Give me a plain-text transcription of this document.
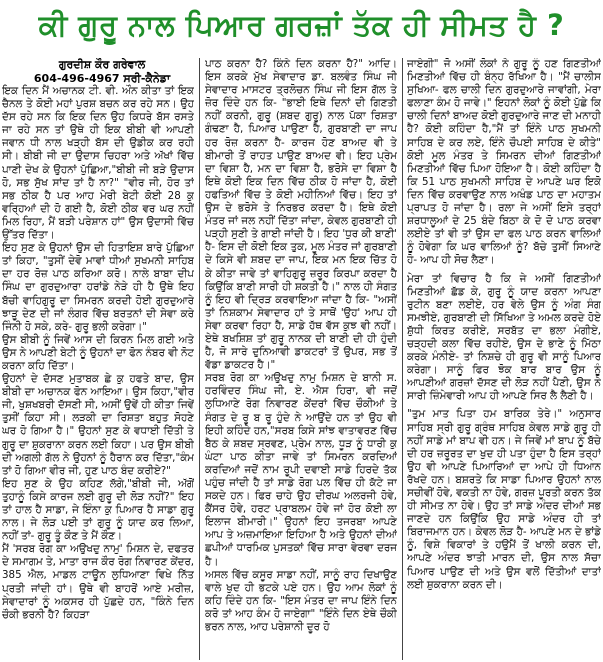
ਕੀ ਗੁਰੂ ਨਾਲ ਪਿਆਰ ਗਰਜ਼ਾਂ ਤੱਕ ਹੀ ਸੀਮਤ ਹੈ ?
ਗੁਰਦੀਸ਼ ਕੌਰ ਗਰੇਵਾਲ
604-496-4967 ਸਰੀ-ਕੈਨੇਡਾ

ਇਕ ਦਿਨ ਮੈਂ ਅਚਾਨਕ ਟੀ. ਵੀ. ਔਨ ਕੀਤਾ ਤਾਂ ਇਕ ਚੈਨਲ ਤੇ ਕੋਈ ਮਹਾਂ ਪੁਰਸ਼ ਬਚਨ ਕਰ ਰਹੇ ਸਨ। ਉਹ ਦੱਸ ਰਹੇ ਸਨ ਕਿ ਇਕ ਦਿਨ ਉਹ ਕਿਧਰੇ ਬੱਸ ਰਸਤੇ ਜਾ ਰਹੇ ਸਨ ਤਾਂ ਉਥੇ ਹੀ ਇਕ ਬੀਬੀ ਵੀ ਆਪਣੀ ਜਵਾਨ ਧੀ ਨਾਲ ਖੜ੍ਹੀ ਬੱਸ ਦੀ ਉਡੀਕ ਕਰ ਰਹੀ ਸੀ। ਬੀਬੀ ਜੀ ਦਾ ਉਦਾਸ ਚਿਹਰਾ ਅਤੇ ਅੱਖਾਂ ਵਿੱਚ ਪਾਣੀ ਦੇਖ ਕੇ ਉਹਨਾਂ ਪੁੱਛਿਆ,"ਬੀਬੀ ਜੀ ਬੜੇ ਉਦਾਸ ਹੋ, ਸਭ ਸੁੱਖ ਸਾਂਦ ਤਾਂ ਹੈ ਨਾ?" "ਵੀਰ ਜੀ, ਹੋਰ ਤਾਂ ਸਭ ਠੀਕ ਹੈ ਪਰ ਆਹ ਮੇਰੀ ਬੇਟੀ ਕੋਈ 28 ਕੁ ਵਰ੍ਹਿਆਂ ਦੀ ਹੋ ਗਈ ਹੈ, ਕੋਈ ਠੀਕ ਵਰ ਘਰ ਨਹੀਂ ਮਿਲ ਰਿਹਾ, ਮੈਂ ਬੜੀ ਪਰੇਸ਼ਾਨ ਹਾਂ" ਉਸ ਉਦਾਸੀ ਵਿੱਚ ਉੱਤਰ ਦਿੱਤਾ।

ਇਹ ਸੁਣ ਕੇ ਉਹਨਾਂ ਉਸ ਦੀ ਹਿਤਾਇਸ਼ ਬਾਰੇ ਪੁੱਛਿਆ ਤਾਂ ਕਿਹਾ, "ਤੁਸੀਂ ਦੇਵੋ ਮਾਵਾਂ ਧੀਆਂ ਸੁਖਮਨੀ ਸਾਹਿਬ ਦਾ ਹਰ ਰੋਜ਼ ਪਾਠ ਕਰਿਆ ਕਰੋ। ਨਾਲੇ ਬਾਬਾ ਦੀਪ ਸਿੰਘ ਦਾ ਗੁਰਦੁਆਰਾ ਹਰਾਂਡੇ ਨੇੜੇ ਹੀ ਹੈ ਉਥੇ ਇਹ ਬੱਚੀ ਵਾਹਿਗੁਰੂ ਦਾ ਸਿਮਰਨ ਕਰਦੀ ਹੋਈ ਗੁਰਦੁਆਰੇ ਝਾੜੂ ਦੇਣ ਦੀ ਜਾਂ ਲੰਗਰ ਵਿੱਚ ਬਰਤਨਾਂ ਦੀ ਸੇਵਾ ਕਰੇ ਜਿੰਨੀ ਹੋ ਸਕੇ, ਕਰੇ- ਗੁਰੂ ਭਲੀ ਕਰੇਗਾ।"

ਉਸ ਬੀਬੀ ਨੂੰ ਜਿਵੇਂ ਆਸ ਦੀ ਕਿਰਨ ਮਿਲ ਗਈ ਅਤੇ ਉਸ ਨੇ ਆਪਣੀ ਬੇਟੀ ਨੂੰ ਉਹਨਾਂ ਦਾ ਫੋਨ ਨੰਬਰ ਵੀ ਨੋਟ ਕਰਨਾ ਕਹਿ ਦਿੱਤਾ।

ਉਹਨਾਂ ਦੇ ਦੱਸਣ ਮੁਤਾਬਕ ਛੇ ਕੁ ਹਫਤੇ ਬਾਦ, ਉਸ ਬੀਬੀ ਦਾ ਅਚਾਨਕ ਫੋਨ ਆਇਆ। ਉਸ ਕਿਹਾ,"ਵੀਰ ਜੀ, ਖੁਸ਼ਖਬਰੀ ਦੱਸਣੀ ਸੀ, ਅਸੀਂ ਉਵੇਂ ਹੀ ਕੀਤਾ ਜਿਵੇਂ ਤੁਸੀਂ ਕਿਹਾ ਸੀ। ਲੜਕੀ ਦਾ ਰਿਸ਼ਤਾ ਬਹੁਤ ਸੋਹਣੇ ਘਰ ਹੋ ਗਿਆ ਹੈ।" ਉਹਨਾਂ ਸੁਣ ਕੇ ਵਧਾਈ ਦਿੱਤੀ ਤੇ ਗੁਰੂ ਦਾ ਸ਼ੁਕਰਾਨਾ ਕਰਨ ਲਈ ਕਿਹਾ। ਪਰ ਉਸ ਬੀਬੀ ਦੀ ਅਗਲੀ ਗੱਲ ਨੇ ਉਹਨਾਂ ਨੂੰ ਹੈਰਾਨ ਕਰ ਦਿੱਤਾ,"ਕੰਮ ਤਾਂ ਹੋ ਗਿਆ ਵੀਰ ਜੀ, ਹੁਣ ਪਾਠ ਬੰਦ ਕਰੀਏ?"

ਇਹ ਸੁਣ ਕੇ ਉਹ ਕਹਿਣ ਲੱਗੇ,"ਬੀਬੀ ਜੀ, ਅੱਗੋਂ ਤੁਹਾਨੂੰ ਕਿਸੇ ਕਾਰਜ ਲਈ ਗੁਰੂ ਦੀ ਲੋੜ ਨਹੀਂ?" ਇਹ ਤਾਂ ਹਾਲ ਹੈ ਸਾਡਾ, ਜੇ ਇੰਨਾ ਕੁ ਪਿਆਰ ਹੈ ਸਾਡਾ ਗੁਰੂ ਨਾਲ। ਜੇ ਲੋੜ ਪਈ ਤਾਂ ਗੁਰੂ ਨੂੰ ਯਾਦ ਕਰ ਲਿਆ, ਨਹੀਂ ਤਾਂ- ਗੁਰੂ ਤੂੰ ਕੌਣ ਤੇ ਮੈਂ ਕੌਣ।

ਮੈਂ 'ਸਰਬ ਰੋਗ ਕਾ ਅਉਖਦੁ ਨਾਮੁ' ਮਿਸ਼ਨ ਦੇ, ਦਫਤਰ ਦੇ ਸਮਾਗਮ ਤੇ, ਮਾਤਾ ਰਾਜ ਕੌਰ ਰੋਗ ਨਿਵਾਰਣ ਕੇਂਦਰ, 385 ਐਲ, ਮਾਡਲ ਟਾਊਨ ਲੁਧਿਆਣਾ ਵਿਖੇ ਨਿੱਤ ਪ੍ਰਤੀ ਜਾਂਦੀ ਹਾਂ। ਉਥੇ ਵੀ ਬਾਹਰੋਂ ਆਏ ਮਰੀਜ਼, ਸੇਵਾਦਾਰਾਂ ਨੂੰ ਅਕਸਰ ਹੀ ਪੁੱਛਦੇ ਹਨ, "ਕਿੰਨੇ ਦਿਨ ਚੌਕੀ ਭਰਨੀ ਹੈ? ਕਿਹੜਾ

ਪਾਠ ਕਰਨਾ ਹੈ? ਕਿੰਨੇ ਦਿਨ ਕਰਨਾ ਹੈ?" ਆਦਿ। ਇਸ ਕਰਕੇ ਮੁੱਖ ਸੇਵਾਦਾਰ ਡਾ. ਬਲਵੰਤ ਸਿੰਘ ਜੀ ਸੇਵਾਦਾਰ ਮਾਸਟਰ ਤ੍ਰਲੋਚਨ ਸਿੰਘ ਜੀ ਇਸ ਗੱਲ ਤੇ ਜ਼ੋਰ ਦਿੰਦੇ ਹਨ ਕਿ- "ਭਾਈ ਇਥੇ ਦਿਨਾਂ ਦੀ ਗਿਣਤੀ ਨਹੀਂ ਕਰਨੀ, ਗੁਰੂ (ਸ਼ਬਦ ਗੁਰੂ) ਨਾਲ ਪੱਕਾ ਰਿਸ਼ਤਾ ਗੰਢਣਾ ਹੈ, ਪਿਆਰ ਪਾਉਣਾ ਹੈ, ਗੁਰਬਾਣੀ ਦਾ ਜਾਪ ਹਰ ਰੋਜ਼ ਕਰਨਾ ਹੈ- ਕਾਰਜ ਹੋਣ ਬਾਅਦ ਵੀ ਤੇ ਬੀਮਾਰੀ ਤੋਂ ਰਾਹਤ ਪਾਉਣ ਬਾਅਦ ਵੀ। ਇਹ ਪ੍ਰੇਮ ਦਾ ਵਿਸ਼ਾ ਹੈ, ਮਨ ਦਾ ਵਿਸ਼ਾ ਹੈ, ਭਰੋਸੇ ਦਾ ਵਿਸ਼ਾ ਹੈ ਇਥੇ ਕੋਈ ਇਕ ਦਿਨ ਵਿੱਚ ਠੀਕ ਹੋ ਜਾਂਦਾ ਹੈ, ਕੋਈ ਹਫਤਿਆਂ ਵਿੱਚ ਤੇ ਕੋਈ ਮਹੀਨਿਆਂ ਵਿੱਚ। ਇਹ ਤਾਂ ਉਸ ਦੇ ਭਰੋਸੇ ਤੇ ਨਿਰਭਰ ਕਰਦਾ ਹੈ। ਇਥੇ ਕੋਈ ਮੰਤਰ ਜਾਂ ਜਲ ਨਹੀਂ ਦਿੱਤਾ ਜਾਂਦਾ, ਕੇਵਲ ਗੁਰਬਾਣੀ ਹੀ ਪੜ੍ਹੀ ਸੁਣੀ ਤੇ ਗਾਈ ਜਾਂਦੀ ਹੈ। ਇਹ 'ਧੁਰ ਕੀ ਬਾਣੀ' ਹੈ- ਇਸ ਦੀ ਕੋਈ ਇਕ ਤੁਕ, ਮੂਲ ਮੰਤਰ ਜਾਂ ਗੁਰਬਾਣੀ ਦੇ ਕਿਸੇ ਵੀ ਸ਼ਬਦ ਦਾ ਜਾਪ, ਇਕ ਮਨ ਇਕ ਚਿੱਤ ਹੋ ਕੇ ਕੀਤਾ ਜਾਵੇ ਤਾਂ ਵਾਹਿਗੁਰੂ ਜ਼ਰੂਰ ਕਿਰਪਾ ਕਰਦਾ ਹੈ ਕਿਉਂਕਿ ਬਾਣੀ ਸਾਰੀ ਹੀ ਸ਼ਕਤੀ ਹੈ।" ਨਾਲ ਹੀ ਸੰਗਤ ਨੂੰ ਇਹ ਵੀ ਦ੍ਰਿੜ ਕਰਵਾਇਆ ਜਾਂਦਾ ਹੈ ਕਿ- "ਅਸੀਂ ਤਾਂ ਨਿਸ਼ਕਾਮ ਸੇਵਾਦਾਰ ਹਾਂ ਤੇ ਸਾਥੋਂ 'ਉਹ' ਆਪ ਹੀ ਸੇਵਾ ਕਰਵਾ ਰਿਹਾ ਹੈ, ਸਾਡੇ ਹੱਥ ਵੱਸ ਕੁਝ ਵੀ ਨਹੀਂ। ਏਥੇ ਬਖਸ਼ਿਸ਼ ਤਾਂ ਗੁਰੂ ਨਾਨਕ ਦੀ ਬਾਣੀ ਦੀ ਹੀ ਹੁੰਦੀ ਹੈ, ਜੋ ਸਾਰੇ ਦੁਨਿਆਵੀ ਡਾਕਟਰਾਂ ਤੋਂ ਉਪਰ, ਸਭ ਤੋਂ ਵੱਡਾ ਡਾਕਟਰ ਹੈ।"

ਸਰਬ ਰੋਗ ਕਾ ਅਉਖਦੁ ਨਾਮੁ ਮਿਸ਼ਨ ਦੇ ਬਾਨੀ ਸ. ਹਰਵਿੰਦਰ ਸਿੰਘ ਜੀ, ਏ. ਐਸ ਹਿਰਾ, ਵੀ ਜਦੋਂ ਲੁਧਿਆਣੇ ਰੋਗ ਨਿਵਾਰਣ ਕੇਂਦਰਾਂ ਵਿੱਚ ਚੌਕੀਆਂ ਤੇ ਸੰਗਤ ਦੇ ਰੂ ਬ ਰੂ ਹੁੰਦੇ ਨੇ ਆਉਂਦੇ ਹਨ ਤਾਂ ਉਹ ਵੀ ਇਹੀ ਕਹਿੰਦੇ ਹਨ,"ਸਰਬ ਕਿਸੇ ਸਾਂਝ ਵਾਤਾਵਰਣ ਵਿੱਚ ਬੈਠ ਕੇ ਸ਼ਬਦ ਸ੍ਰਵਣ, ਪ੍ਰੇਮ ਨਾਲ, ਧੂੜ ਨੂੰ ਧਾਰੀ ਕੁ ਘੰਟਾ ਪਾਠ ਕੀਤਾ ਜਾਵੇ ਤਾਂ ਸਿਮਰਨ ਕਰਦਿਆਂ ਕਰਦਿਆਂ ਜਦੋਂ ਨਾਮ ਰੂਪੀ ਦਵਾਈ ਸਾਡੇ ਹਿਰਦੇ ਤੱਕ ਪਹੁੰਚ ਜਾਂਦੀ ਹੈ ਤਾਂ ਸਾਡੇ ਰੋਗ ਪਲ ਵਿੱਚ ਹੀ ਕੱਟੇ ਜਾ ਸਕਦੇ ਹਨ। ਫਿਰ ਚਾਹੇ ਉਹ ਦੀਰਘ ਅਲਰਜੀ ਹੋਵੇ, ਕੈਂਸਰ ਹੋਵੇ, ਹਰਟ ਪ੍ਰਾਬਲਮ ਹੋਵੇ ਜਾਂ ਹੋਰ ਕੋਈ ਲਾ ਇਲਾਜ ਬੀਮਾਰੀ।" ਉਹਨਾਂ ਇਹ ਤਜਰਬਾ ਆਪਣੇ ਆਪ ਤੇ ਅਜ਼ਮਾਇਆ ਇਹਿਆ ਹੈ ਅਤੇ ਉਹਨਾਂ ਦੀਆਂ ਛਪੀਆਂ ਧਾਰਮਿਕ ਪੁਸਤਕਾਂ ਵਿੱਚ ਸਾਰਾ ਵੇਰਵਾ ਦਰਜ ਹੈ।

ਅਸਲ ਵਿੱਚ ਕਸੂਰ ਸਾਡਾ ਨਹੀਂ, ਸਾਨੂੰ ਰਾਹ ਦਿਖਾਉਣ ਵਾਲੇ ਖੁਦ ਹੀ ਭਟਕੇ ਪਏ ਹਨ। ਉਹ ਆਮ ਲੋਕਾਂ ਨੂੰ ਕਹਿ ਦਿੰਦੇ ਹਨ ਕਿ- "ਇਸ ਮੰਤਰ ਦਾ ਜਾਪ ਇੰਨੇ ਦਿਨ ਕਰੋ ਤਾਂ ਆਹ ਕੰਮ ਹੋ ਜਾਏਗਾ" "ਇੰਨੇ ਦਿਨ ਏਥੇ ਚੌਕੀ ਭਰਨ ਨਾਲ, ਆਹ ਪਰੇਸ਼ਾਨੀ ਦੂਰ ਹੋ

ਜਾਏਗੀ" ਜੋ ਅਸੀਂ ਲੋਕਾਂ ਨੇ ਗੁਰੂ ਨੂੰ ਹਣ ਗਿਣਤੀਆਂ ਮਿਣਤੀਆਂ ਵਿੱਚ ਹੀ ਬੰਨ੍ਹ ਰੱਖਿਆ ਹੈ। "ਮੈਂ ਚਾਲੀਸ ਸੁਖਿਆ- ਫਲ ਚਾਲੀ ਦਿਨ ਗੁਰਦੁਆਰੇ ਜਾਵਾਂਗੀ, ਮੇਰਾ ਫਲਾਣਾ ਕੰਮ ਹੋ ਜਾਵੇ।" ਇਹਨਾਂ ਲੋਕਾਂ ਨੂੰ ਕੋਈ ਪੁੱਛੇ ਕਿ ਚਾਲੀ ਦਿਨਾਂ ਬਾਅਦ ਕੋਈ ਗੁਰਦੁਆਰੇ ਜਾਣ ਦੀ ਮਨਾਹੀ ਹੈ? ਕੋਈ ਕਹਿੰਦਾ ਹੈ,"ਮੈਂ ਤਾਂ ਇੰਨੇ ਪਾਠ ਸੁਖਮਨੀ ਸਾਹਿਬ ਦੇ ਕਰ ਲਏ, ਇੰਨੇ ਚੌਪਈ ਸਾਹਿਬ ਦੇ ਕੀਤੇ" ਕੋਈ ਮੂਲ ਮੰਤਰ ਤੇ ਸਿਮਰਨ ਦੀਆਂ ਗਿਣਤੀਆਂ ਮਿਣਤੀਆਂ ਵਿੱਚ ਪਿਆ ਹੋਇਆ ਹੈ। ਕੋਈ ਕਹਿੰਦਾ ਹੈ ਕਿ 51 ਪਾਠ ਸੁਖਮਨੀ ਸਾਹਿਬ ਦੇ ਆਪਣੇ ਘਰ ਇਕੋ ਦਿਨ ਵਿੱਚ ਕਰਵਾਉਣ ਨਾਲ ਅਖੰਡ ਪਾਠ ਦਾ ਮਹਾਤਮ ਪ੍ਰਾਪਤ ਹੋ ਜਾਂਦਾ ਹੈ। ਰਲਾ ਜੇ ਅਸੀਂ ਇਸੇ ਤਰ੍ਹਾਂ ਸ਼ਰਧਾਲੂਆਂ ਦੇ 25 ਬੰਦੇ ਬਿਠਾ ਕੇ ਦੋ ਦੋ ਪਾਠ ਕਰਵਾ ਲਈਏ ਤਾਂ ਵੀ ਤਾਂ ਉਸ ਦਾ ਫਲ ਪਾਠ ਕਰਨ ਵਾਲਿਆਂ ਨੂੰ ਹੋਵੇਗਾ ਕਿ ਘਰ ਵਾਲਿਆਂ ਨੂੰ? ਬੱਚੇ ਤੁਸੀਂ ਸਿਆਣੇ ਹੋ- ਆਪ ਹੀ ਸੋਚ ਲੈਣਾ।

ਮੇਰਾ ਤਾਂ ਵਿਚਾਰ ਹੈ ਕਿ ਜੇ ਅਸੀਂ ਗਿਣਤੀਆਂ ਮਿਣਤੀਆਂ ਛੱਡ ਕੇ, ਗੁਰੂ ਨੂੰ ਯਾਦ ਕਰਨਾ ਆਪਣਾ ਰੁਟੀਨ ਬਣਾ ਲਈਏ, ਹਰ ਵੇਲੇ ਉਸ ਨੂੰ ਅੰਗ ਸੰਗ ਸਮਝੀਏ, ਗੁਰਬਾਣੀ ਦੀ ਸਿੱਖਿਆ ਤੇ ਅਮਲ ਕਰਦੇ ਹੋਏ ਸ਼ੁੱਧੀ ਕਿਰਤ ਕਰੀਏ, ਸਰਬੱਤ ਦਾ ਭਲਾ ਮੰਗੀਏ, ਚੜ੍ਹਦੀ ਕਲਾ ਵਿੱਚ ਰਹੀਏ, ਉਸ ਦੇ ਭਾਣੇ ਨੂੰ ਮਿੱਠਾ ਕਰਕੇ ਮੰਨੀਏ- ਤਾਂ ਨਿਸ਼ਚੇ ਹੀ ਗੁਰੂ ਵੀ ਸਾਨੂੰ ਪਿਆਰ ਕਰੇਗਾ। ਸਾਨੂੰ ਫਿਰ ਝੋਕ ਬਾਰ ਬਾਰ ਉਸ ਨੂੰ ਆਪਣੀਆਂ ਗਰਜ਼ਾਂ ਦੱਸਣ ਦੀ ਲੋੜ ਨਹੀਂ ਪੈਣੀ, ਉਸ ਨੇ ਸਾਰੀ ਜ਼ਿੰਮੇਵਾਰੀ ਆਪ ਹੀ ਆਪਣੇ ਸਿਰ ਲੈ ਲੈਣੀ ਹੈ।

"ਤੁਮ ਮਾਤ ਪਿਤਾ ਹਮ ਬਾਰਿਕ ਤੇਰੇ।" ਅਨੁਸਾਰ ਸਾਹਿਬ ਸ੍ਰੀ ਗੁਰੂ ਗ੍ਰੰਥ ਸਾਹਿਬ ਕੇਵਲ ਸਾਡੇ ਗੁਰੂ ਹੀ ਨਹੀਂ ਸਾਡੇ ਮਾਂ ਬਾਪ ਵੀ ਹਨ। ਜੇ ਜਿਵੇਂ ਮਾਂ ਬਾਪ ਨੂੰ ਬੱਚੇ ਦੀ ਹਰ ਜ਼ਰੂਰਤ ਦਾ ਖੁਦ ਹੀ ਪਤਾ ਹੁੰਦਾ ਹੈ ਇਸ ਤਰ੍ਹਾਂ ਉਹ ਵੀ ਆਪਣੇ ਪਿਆਰਿਆਂ ਦਾ ਆਪੇ ਹੀ ਧਿਆਨ ਰੱਖਦੇ ਹਨ। ਬਸ਼ਰਤੇ ਕਿ ਸਾਡਾ ਪਿਆਰ ਉਹਨਾਂ ਨਾਲ ਸਚੀਵੀਂ ਹੋਵੇ, ਵਕਤੀ ਨਾ ਹੋਵੇ, ਗਰਜ਼ ਪੂਰਤੀ ਕਰਨ ਤੱਕ ਹੀ ਸੀਮਤ ਨਾ ਹੋਵੇ। ਉਹ ਤਾਂ ਸਾਡੇ ਅੰਦਰ ਦੀਆਂ ਸਭ ਜਾਣਦੇ ਹਨ ਕਿਉਂਕਿ ਉਹ ਸਾਡੇ ਅੰਦਰ ਹੀ ਤਾਂ ਬਿਰਾਜਮਾਨ ਹਨ। ਕੇਵਲ ਲੋੜ ਹੈ- ਆਪਣੇ ਮਨ ਦੇ ਭਾਂਡੇ ਨੂੰ, ਵਿਸ਼ੇ ਵਿਕਾਰਾਂ ਤੇ ਹਉਮੈਂ ਤੋਂ ਖਾਲੀ ਕਰਨ ਦੀ, ਆਪਣੇ ਅੰਦਰ ਝਾਤੀ ਮਾਰਨ ਦੀ, ਉਸ ਨਾਲ ਸੱਚਾ ਪਿਆਰ ਪਾਉਣ ਦੀ ਅਤੇ ਉਸ ਵਲੋਂ ਦਿੱਤੀਆਂ ਦਾਤਾਂ ਲਈ ਸ਼ੁਕਰਾਨਾ ਕਰਨ ਦੀ।
